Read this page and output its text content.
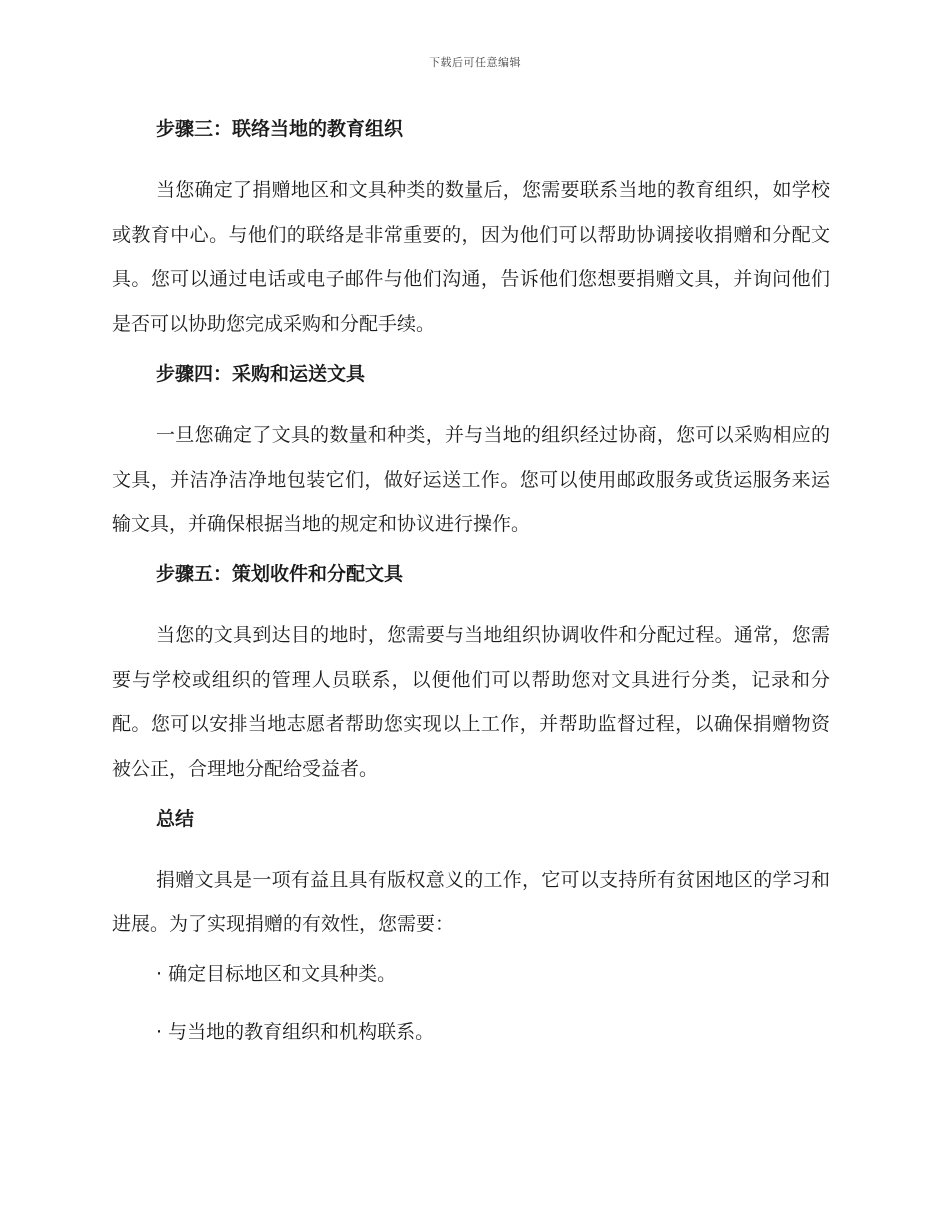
下载后可任意编辑
步骤三：联络当地的教育组织

当您确定了捐赠地区和文具种类的数量后，您需要联系当地的教育组织，如学校或教育中心。与他们的联络是非常重要的，因为他们可以帮助协调接收捐赠和分配文具。您可以通过电话或电子邮件与他们沟通，告诉他们您想要捐赠文具，并询问他们是否可以协助您完成采购和分配手续。

步骤四：采购和运送文具

一旦您确定了文具的数量和种类，并与当地的组织经过协商，您可以采购相应的文具，并洁净洁净地包装它们，做好运送工作。您可以使用邮政服务或货运服务来运输文具，并确保根据当地的规定和协议进行操作。

步骤五：策划收件和分配文具

当您的文具到达目的地时，您需要与当地组织协调收件和分配过程。通常，您需要与学校或组织的管理人员联系，以便他们可以帮助您对文具进行分类，记录和分配。您可以安排当地志愿者帮助您实现以上工作，并帮助监督过程，以确保捐赠物资被公正，合理地分配给受益者。

总结

捐赠文具是一项有益且具有版权意义的工作，它可以支持所有贫困地区的学习和进展。为了实现捐赠的有效性，您需要：

· 确定目标地区和文具种类。
· 与当地的教育组织和机构联系。
